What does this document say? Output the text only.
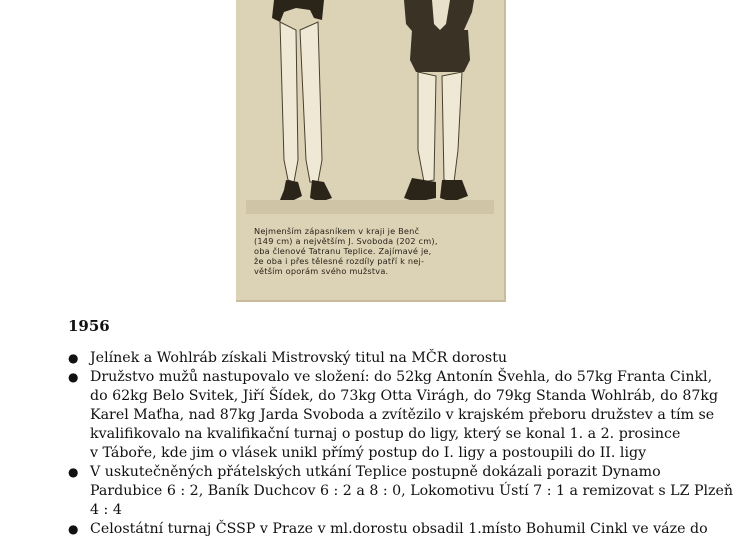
Nejmenším zápasníkem v kraji je Benč
(149 cm) a největším J. Svoboda (202 cm),
oba členové Tatranu Teplice. Zajímavé je,
že oba i přes tělesné rozdíly patří k nej-
větším oporám svého mužstva.
1956
● Jelínek a Wohlráb získali Mistrovský titul na MČR dorostu
● Družstvo mužů nastupovalo ve složení: do 52kg Antonín Švehla, do 57kg Franta Cinkl,
do 62kg Belo Svitek, Jiří Šídek, do 73kg Otta Virágh, do 79kg Standa Wohlráb, do 87kg
Karel Maťha, nad 87kg Jarda Svoboda a zvítězilo v krajském přeboru družstev a tím se
kvalifikovalo na kvalifikační turnaj o postup do ligy, který se konal 1. a 2. prosince
v Táboře, kde jim o vlásek unikl přímý postup do I. ligy a postoupili do II. ligy
● V uskutečněných přátelských utkání Teplice postupně dokázali porazit Dynamo
Pardubice 6 : 2, Baník Duchcov 6 : 2 a 8 : 0, Lokomotivu Ústí 7 : 1 a remizovat s LZ Plzeň
4 : 4
● Celostátní turnaj ČSSP v Praze v ml.dorostu obsadil 1.místo Bohumil Cinkl ve váze do
